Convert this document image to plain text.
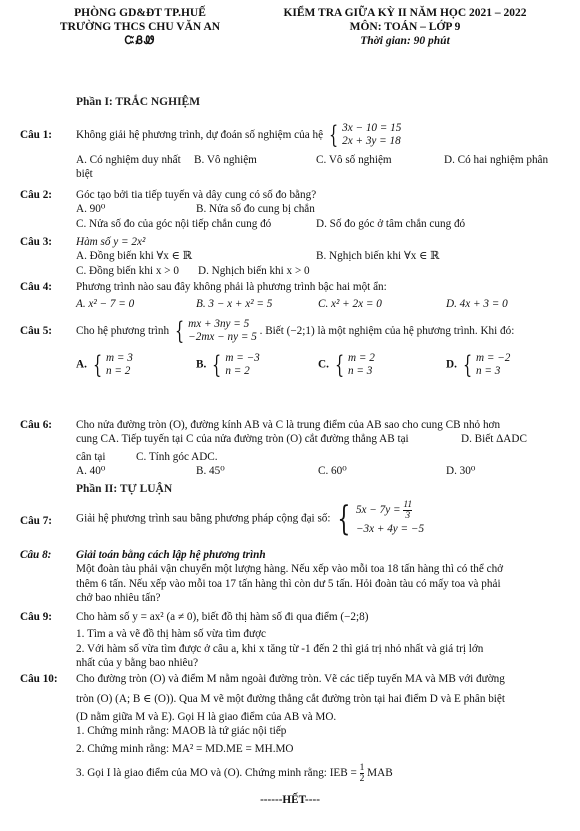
PHÒNG GD&ĐT TP.HUẾ
TRƯỜNG THCS CHU VĂN AN
ᏨᏰᏪ
KIỂM TRA GIỮA KỲ II NĂM HỌC 2021 – 2022
MÔN: TOÁN – LỚP 9
Thời gian: 90 phút
Phần I: TRẮC NGHIỆM
Câu 1:	Không giải hệ phương trình, dự đoán số nghiệm của hệ { 3x − 10 = 15
2x + 3y = 18
A. Có nghiệm duy nhất	B. Vô nghiệm	C. Vô số nghiệm	D. Có hai nghiệm phân
biệt
Câu 2:	Góc tạo bởi tia tiếp tuyến và dây cung có số đo bằng?
A. 90⁰	B. Nửa số đo cung bị chắn
C. Nửa số đo của góc nội tiếp chắn cung đó	D. Số đo góc ở tâm chắn cung đó
Câu 3:	Hàm số y = 2x²
A. Đồng biến khi ∀x ∈ ℝ	B. Nghịch biến khi ∀x ∈ ℝ
C. Đồng biến khi x > 0	D. Nghịch biến khi x > 0
Câu 4:	Phương trình nào sau đây không phải là phương trình bậc hai một ẩn:
A. x² − 7 = 0	B. 3 − x + x² = 5	C. x² + 2x = 0	D. 4x + 3 = 0
Câu 5:	Cho hệ phương trình { mx + 3ny = 5
−2mx − ny = 5
. Biết (−2;1) là một nghiệm của hệ phương trình. Khi đó:
A. { m = 3
n = 2
B. { m = −3
n = 2
C. { m = 2
n = 3
D. { m = −2
n = 3
Câu 6:	Cho nửa đường tròn (O), đường kính AB và C là trung điểm của AB sao cho cung CB nhỏ hơn
cung CA. Tiếp tuyến tại C của nửa đường tròn (O) cắt đường thẳng AB tại	D. Biết ΔADC
cân tại	C. Tính góc ADC.
A. 40⁰	B. 45⁰	C. 60⁰	D. 30⁰
Phần II: TỰ LUẬN
Câu 7:	Giải hệ phương trình sau bằng phương pháp cộng đại số: { $5x - 7y = \frac{11}{3}$
−3x + 4y = −5
Câu 8:	Giải toán bằng cách lập hệ phương trình
Một đoàn tàu phải vận chuyển một lượng hàng. Nếu xếp vào mỗi toa 18 tấn hàng thì có thể chở
thêm 6 tấn. Nếu xếp vào mỗi toa 17 tấn hàng thì còn dư 5 tấn. Hỏi đoàn tàu có mấy toa và phải
chở bao nhiêu tấn?
Câu 9:	Cho hàm số y = ax² (a ≠ 0), biết đồ thị hàm số đi qua điểm (−2;8)
1. Tìm a và vẽ đồ thị hàm số vừa tìm được
2. Với hàm số vừa tìm được ở câu a, khi x tăng từ -1 đến 2 thì giá trị nhỏ nhất và giá trị lớn
nhất của y bằng bao nhiêu?
Câu 10:	Cho đường tròn (O) và điểm M nằm ngoài đường tròn. Vẽ các tiếp tuyến MA và MB với đường
tròn (O) (A; B ∈ (O)). Qua M vẽ một đường thẳng cắt đường tròn tại hai điểm D và E phân biệt
(D nằm giữa M và E). Gọi H là giao điểm của AB và MO.
1. Chứng minh rằng: MAOB là tứ giác nội tiếp
2. Chứng minh rằng: MA² = MD.ME = MH.MO
3. Gọi I là giao điểm của MO và (O). Chứng minh rằng: IEB = $\frac{1}{2}$ MAB
------HẾT----
